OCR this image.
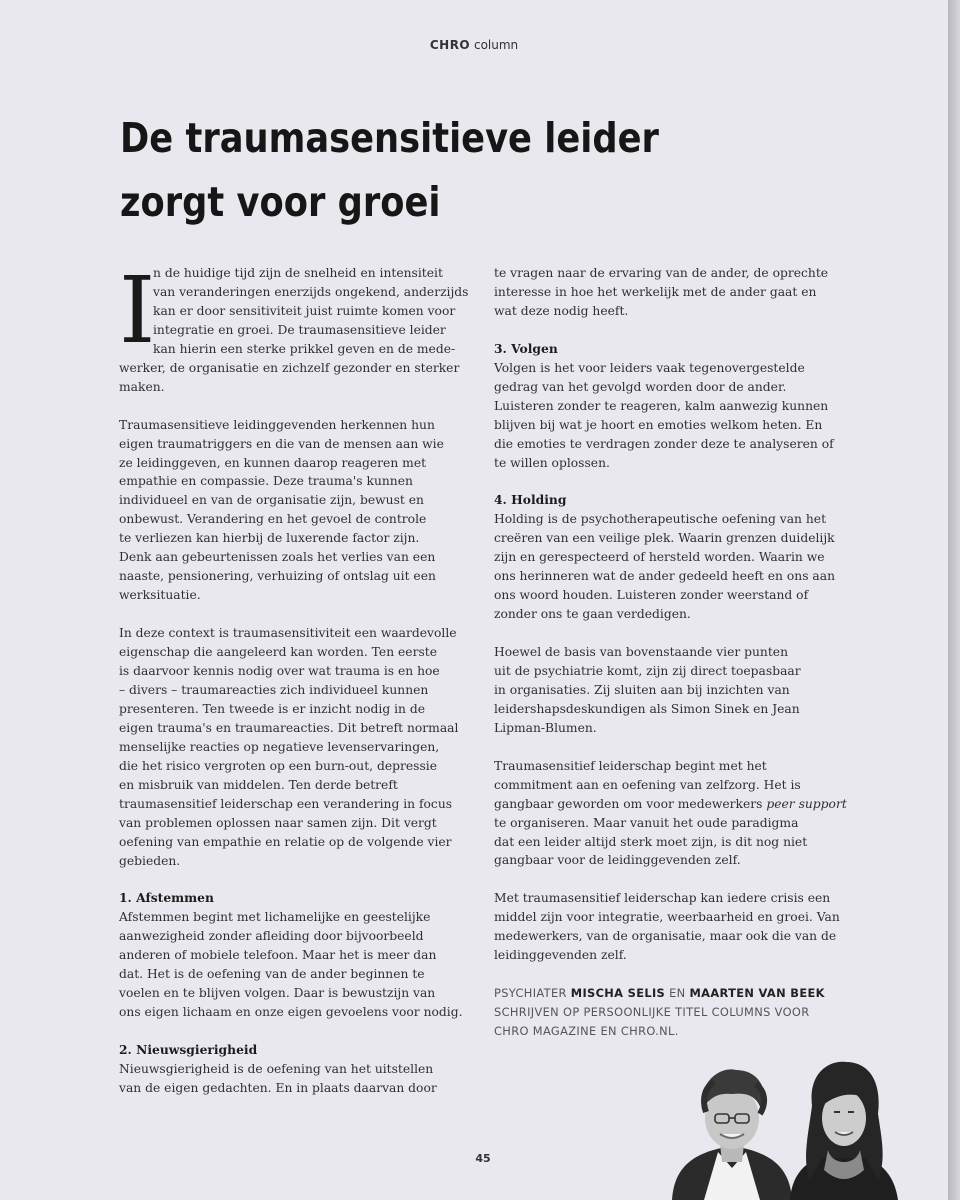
CHRO column
De traumasensitieve leider
zorgt voor groei
I

n de huidige tijd zijn de snelheid en intensiteit

van veranderingen enerzijds ongekend, anderzijds

kan er door sensitiviteit juist ruimte komen voor

integratie en groei. De traumasensitieve leider

kan hierin een sterke prikkel geven en de mede-

werker, de organisatie en zichzelf gezonder en sterker

maken.

Traumasensitieve leidinggevenden herkennen hun

eigen traumatriggers en die van de mensen aan wie

ze leidinggeven, en kunnen daarop reageren met

empathie en compassie. Deze trauma's kunnen

individueel en van de organisatie zijn, bewust en

onbewust. Verandering en het gevoel de controle

te verliezen kan hierbij de luxerende factor zijn.

Denk aan gebeurtenissen zoals het verlies van een

naaste, pensionering, verhuizing of ontslag uit een

werksituatie.

In deze context is traumasensitiviteit een waardevolle

eigenschap die aangeleerd kan worden. Ten eerste

is daarvoor kennis nodig over wat trauma is en hoe

– divers – traumareacties zich individueel kunnen

presenteren. Ten tweede is er inzicht nodig in de

eigen trauma's en traumareacties. Dit betreft normaal

menselijke reacties op negatieve levenservaringen,

die het risico vergroten op een burn-out, depressie

en misbruik van middelen. Ten derde betreft

traumasensitief leiderschap een verandering in focus

van problemen oplossen naar samen zijn. Dit vergt

oefening van empathie en relatie op de volgende vier

gebieden.

1. Afstemmen

Afstemmen begint met lichamelijke en geestelijke

aanwezigheid zonder afleiding door bijvoorbeeld

anderen of mobiele telefoon. Maar het is meer dan

dat. Het is de oefening van de ander beginnen te

voelen en te blijven volgen. Daar is bewustzijn van

ons eigen lichaam en onze eigen gevoelens voor nodig.

2. Nieuwsgierigheid

Nieuwsgierigheid is de oefening van het uitstellen

van de eigen gedachten. En in plaats daarvan door

te vragen naar de ervaring van de ander, de oprechte

interesse in hoe het werkelijk met de ander gaat en

wat deze nodig heeft.

3. Volgen

Volgen is het voor leiders vaak tegenovergestelde

gedrag van het gevolgd worden door de ander.

Luisteren zonder te reageren, kalm aanwezig kunnen

blijven bij wat je hoort en emoties welkom heten. En

die emoties te verdragen zonder deze te analyseren of

te willen oplossen.

4. Holding

Holding is de psychotherapeutische oefening van het

creëren van een veilige plek. Waarin grenzen duidelijk

zijn en gerespecteerd of hersteld worden. Waarin we

ons herinneren wat de ander gedeeld heeft en ons aan

ons woord houden. Luisteren zonder weerstand of

zonder ons te gaan verdedigen.

Hoewel de basis van bovenstaande vier punten

uit de psychiatrie komt, zijn zij direct toepasbaar

in organisaties. Zij sluiten aan bij inzichten van

leidershapsdeskundigen als Simon Sinek en Jean

Lipman-Blumen.

Traumasensitief leiderschap begint met het

commitment aan en oefening van zelfzorg. Het is

gangbaar geworden om voor medewerkers peer support

te organiseren. Maar vanuit het oude paradigma

dat een leider altijd sterk moet zijn, is dit nog niet

gangbaar voor de leidinggevenden zelf.

Met traumasensitief leiderschap kan iedere crisis een

middel zijn voor integratie, weerbaarheid en groei. Van

medewerkers, van de organisatie, maar ook die van de

leidinggevenden zelf.

PSYCHIATER MISCHA SELIS EN MAARTEN VAN BEEK

SCHRIJVEN OP PERSOONLIJKE TITEL COLUMNS VOOR

CHRO MAGAZINE EN CHRO.NL.

45
